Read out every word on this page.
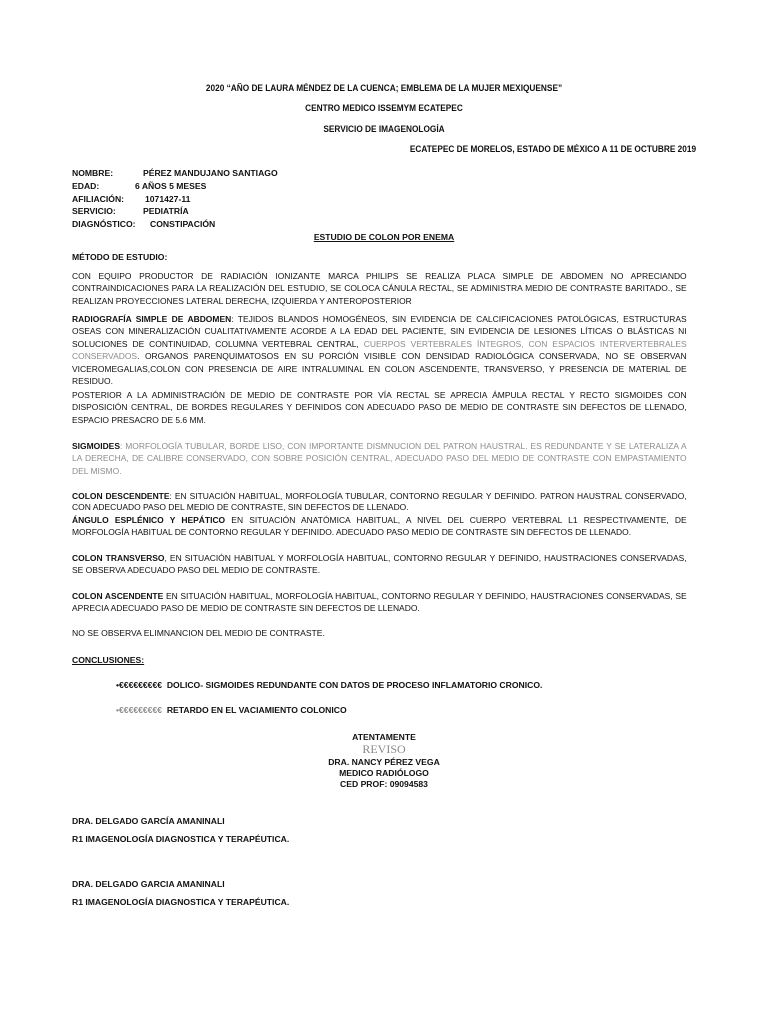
2020 “AÑO DE LAURA MÉNDEZ DE LA CUENCA; EMBLEMA DE LA MUJER MEXIQUENSE”
CENTRO MEDICO ISSEMYM ECATEPEC
SERVICIO DE IMAGENOLOGÍA
ECATEPEC DE MORELOS, ESTADO DE MÉXICO A 11 DE OCTUBRE 2019
NOMBRE:	PÉREZ MANDUJANO SANTIAGO
EDAD:	6 AÑOS 5 MESES
AFILIACIÓN: 1071427-11
SERVICIO:	PEDIATRÍA
DIAGNÓSTICO: CONSTIPACIÓN
ESTUDIO DE COLON POR ENEMA
MÉTODO DE ESTUDIO:
CON EQUIPO PRODUCTOR DE RADIACIÓN IONIZANTE MARCA PHILIPS SE REALIZA PLACA SIMPLE DE ABDOMEN NO APRECIANDO CONTRAINDICACIONES PARA LA REALIZACIÓN DEL ESTUDIO, SE COLOCA CÁNULA RECTAL, SE ADMINISTRA MEDIO DE CONTRASTE BARITADO., SE REALIZAN PROYECCIONES LATERAL DERECHA, IZQUIERDA Y ANTEROPOSTERIOR
RADIOGRAFÍA SIMPLE DE ABDOMEN: TEJIDOS BLANDOS HOMOGÉNEOS, SIN EVIDENCIA DE CALCIFICACIONES PATOLÓGICAS, ESTRUCTURAS OSEAS CON MINERALIZACIÓN CUALITATIVAMENTE ACORDE A LA EDAD DEL PACIENTE, SIN EVIDENCIA DE LESIONES LÍTICAS O BLÁSTICAS NI SOLUCIONES DE CONTINUIDAD, COLUMNA VERTEBRAL CENTRAL, CUERPOS VERTEBRALES ÍNTEGROS, CON ESPACIOS INTERVERTEBRALES CONSERVADOS. ORGANOS PARENQUIMATOSOS EN SU PORCIÓN VISIBLE CON DENSIDAD RADIOLÓGICA CONSERVADA, NO SE OBSERVAN VICEROMEGALIAS,COLON CON PRESENCIA DE AIRE INTRALUMINAL EN COLON ASCENDENTE, TRANSVERSO, Y PRESENCIA DE MATERIAL DE RESIDUO.
POSTERIOR A LA ADMINISTRACIÓN DE MEDIO DE CONTRASTE POR VÍA RECTAL SE APRECIA ÁMPULA RECTAL Y RECTO SIGMOIDES CON DISPOSICIÓN CENTRAL, DE BORDES REGULARES Y DEFINIDOS CON ADECUADO PASO DE MEDIO DE CONTRASTE SIN DEFECTOS DE LLENADO, ESPACIO PRESACRO DE 5.6 MM.
SIGMOIDES: MORFOLOGÍA TUBULAR, BORDE LISO, CON IMPORTANTE DISMNUCION DEL PATRON HAUSTRAL. ES REDUNDANTE Y SE LATERALIZA A LA DERECHA, DE CALIBRE CONSERVADO, CON SOBRE POSICIÓN CENTRAL, ADECUADO PASO DEL MEDIO DE CONTRASTE CON EMPASTAMIENTO DEL MISMO.
COLON DESCENDENTE: EN SITUACIÓN HABITUAL, MORFOLOGÍA TUBULAR, CONTORNO REGULAR Y DEFINIDO. PATRON HAUSTRAL CONSERVADO, CON ADECUADO PASO DEL MEDIO DE CONTRASTE, SIN DEFECTOS DE LLENADO.
ÁNGULO ESPLÉNICO Y HEPÁTICO EN SITUACIÓN ANATÓMICA HABITUAL, A NIVEL DEL CUERPO VERTEBRAL L1 RESPECTIVAMENTE, DE MORFOLOGÍA HABITUAL DE CONTORNO REGULAR Y DEFINIDO. ADECUADO PASO MEDIO DE CONTRASTE SIN DEFECTOS DE LLENADO.
COLON TRANSVERSO, EN SITUACIÓN HABITUAL Y MORFOLOGÍA HABITUAL, CONTORNO REGULAR Y DEFINIDO, HAUSTRACIONES CONSERVADAS, SE OBSERVA ADECUADO PASO DEL MEDIO DE CONTRASTE.
COLON ASCENDENTE EN SITUACIÓN HABITUAL, MORFOLOGÍA HABITUAL, CONTORNO REGULAR Y DEFINIDO, HAUSTRACIONES CONSERVADAS, SE APRECIA ADECUADO PASO DE MEDIO DE CONTRASTE SIN DEFECTOS DE LLENADO.
NO SE OBSERVA ELIMNANCION DEL MEDIO DE CONTRASTE.
CONCLUSIONES:
•€€€€€€€€€ DOLICO- SIGMOIDES REDUNDANTE CON DATOS DE PROCESO INFLAMATORIO CRONICO.
•€€€€€€€€€ RETARDO EN EL VACIAMIENTO COLONICO
ATENTAMENTE
REVISO
DRA. NANCY PÉREZ VEGA
MEDICO RADIÓLOGO
CED PROF: 09094583
DRA. DELGADO GARCÍA AMANINALI
R1 IMAGENOLOGÍA DIAGNOSTICA Y TERAPÉUTICA.
DRA. DELGADO GARCIA AMANINALI
R1 IMAGENOLOGÍA DIAGNOSTICA Y TERAPÉUTICA.
